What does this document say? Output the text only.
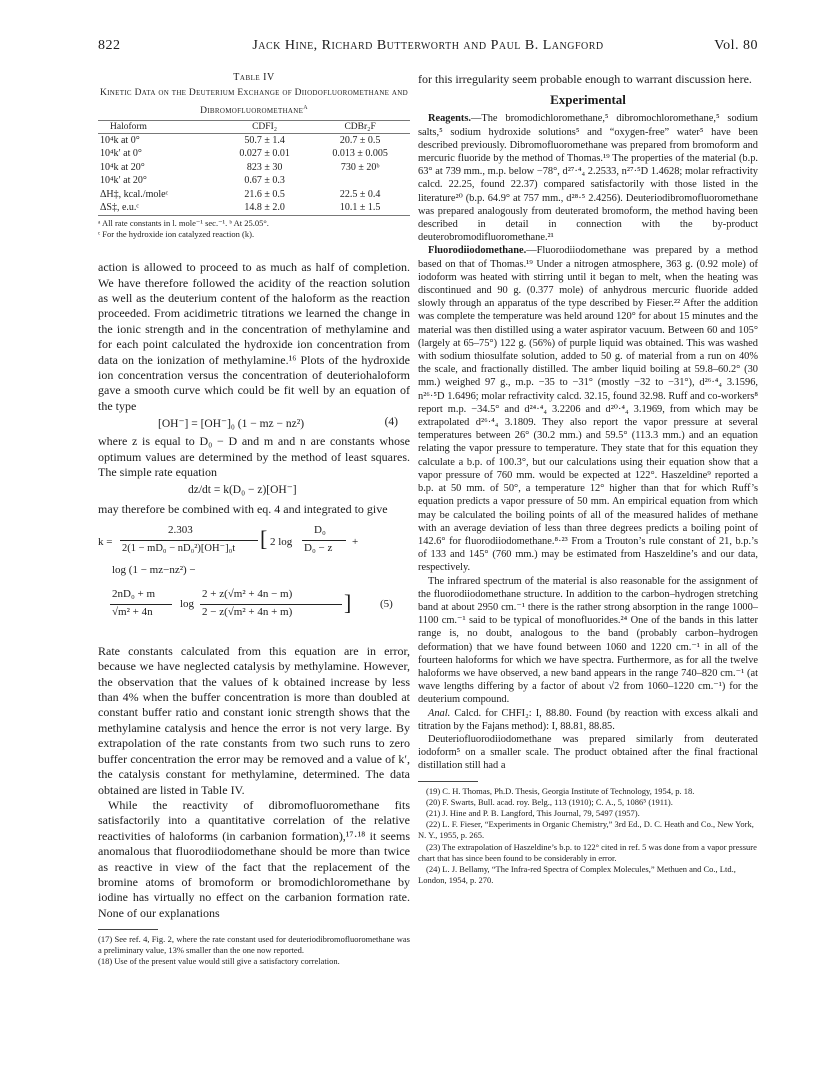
822	Jack Hine, Richard Butterworth and Paul B. Langford	Vol. 80
Table IV
Kinetic Data on the Deuterium Exchange of Diiodofluoromethane and Dibromofluoromethane$^a$
Haloform	CDFI₂	CDBr₂F
10⁴k at 0°	50.7 ± 1.4	20.7 ± 0.5
10⁴k′ at 0°	0.027 ± 0.01	0.013 ± 0.005
10⁴k at 20°	823 ± 30	730 ± 20ᵇ
10⁴k′ at 20°	0.67 ± 0.3	
ΔH‡, kcal./moleᶜ	21.6 ± 0.5	22.5 ± 0.4
ΔS‡, e.u.ᶜ	14.8 ± 2.0	10.1 ± 1.5

ᵃ All rate constants in l. mole⁻¹ sec.⁻¹. ᵇ At 25.05°.

ᶜ For the hydroxide ion catalyzed reaction (k).

action is allowed to proceed to as much as half of completion. We have therefore followed the acidity of the reaction solution as well as the deuterium content of the haloform as the reaction proceeded. From acidimetric titrations we learned the change in the ionic strength and in the concentration of methylamine and for each point calculated the hydroxide ion concentration from data on the ionization of methylamine.¹⁶ Plots of the hydroxide ion concentration versus the concentration of deuteriohaloform gave a smooth curve which could be fit well by an equation of the type

[OH⁻] = [OH⁻]₀ (1 − mz − nz²)	(4)

where z is equal to D₀ − D and m and n are constants whose optimum values are determined by the method of least squares. The simple rate equation

dz/dt = k(D₀ − z)[OH⁻]

may therefore be combined with eq. 4 and integrated to give

k =
2.303
2(1 − mD₀ − nD₀²)[OH⁻]₀t [ 2 log
D₀
D₀ − z +
log (1 − mz−nz²) −
2nD₀ + m
√m² + 4n
log
2 + z(√m² + 4n − m)
2 − z(√m² + 4n + m) ]	(5)

Rate constants calculated from this equation are in error, because we have neglected catalysis by methylamine. However, the observation that the values of k obtained increase by less than 4% when the buffer concentration is more than doubled at constant buffer ratio and constant ionic strength shows that the methylamine catalysis and hence the error is not very large. By extrapolation of the rate constants from two such runs to zero buffer concentration the error may be removed and a value of k′, the catalysis constant for methylamine, determined. The data obtained are listed in Table IV.

While the reactivity of dibromofluoromethane fits satisfactorily into a quantitative correlation of the relative reactivities of haloforms (in carbanion formation),¹⁷·¹⁸ it seems anomalous that fluorodiiodomethane should be more than twice as reactive in view of the fact that the replacement of the bromine atoms of bromoform or bromodichloromethane by iodine has virtually no effect on the carbanion formation rate. None of our explanations

(17) See ref. 4, Fig. 2, where the rate constant used for deuteriodibromofluoromethane was a preliminary value, 13% smaller than the one now reported.

(18) Use of the present value would still give a satisfactory correlation.

for this irregularity seem probable enough to warrant discussion here.

Experimental

Reagents.—The bromodichloromethane,⁵ dibromochloromethane,⁵ sodium salts,⁵ sodium hydroxide solutions⁵ and “oxygen-free” water⁵ have been described previously. Dibromofluoromethane was prepared from bromoform and mercuric fluoride by the method of Thomas.¹⁹ The properties of the material (b.p. 63° at 739 mm., m.p. below −78°, d²⁷·⁴₄ 2.2533, n²⁷·⁵D 1.4628; molar refractivity calcd. 22.25, found 22.37) compared satisfactorily with those listed in the literature²⁰ (b.p. 64.9° at 757 mm., d²⁸·⁵ 2.4256). Deuteriodibromofluoromethane was prepared analogously from deuterated bromoform, the method having been described in detail in connection with the by-product deuterobromodifluoromethane.²¹

Fluorodiiodomethane.—Fluorodiiodomethane was prepared by a method based on that of Thomas.¹⁹ Under a nitrogen atmosphere, 363 g. (0.92 mole) of iodoform was heated with stirring until it began to melt, when the heating was discontinued and 90 g. (0.377 mole) of anhydrous mercuric fluoride added slowly through an apparatus of the type described by Fieser.²² After the addition was complete the temperature was held around 120° for about 15 minutes and the material was then distilled using a water aspirator vacuum. Between 60 and 105° (largely at 65–75°) 122 g. (56%) of purple liquid was obtained. This was washed with sodium thiosulfate solution, added to 50 g. of material from a run on 40% the scale, and fractionally distilled. The amber liquid boiling at 59.8–60.2° (30 mm.) weighed 97 g., m.p. −35 to −31° (mostly −32 to −31°), d²⁶·⁴₄ 3.1596, n²⁶·⁵D 1.6496; molar refractivity calcd. 32.15, found 32.98. Ruff and co-workers⁸ report m.p. −34.5° and d²⁴·⁴₄ 3.2206 and d²⁰·⁴₄ 3.1969, from which may be extrapolated d²⁶·⁴₄ 3.1809. They also report the vapor pressure at several temperatures between 26° (30.2 mm.) and 59.5° (113.3 mm.) and an equation relating the vapor pressure to temperature. They state that for this equation they calculate a b.p. of 100.3°, but our calculations using their equation show that a vapor pressure of 760 mm. would be expected at 122°. Haszeldine⁹ reported a b.p. at 50 mm. of 50°, a temperature 12° higher than that for which Ruff’s equation predicts a vapor pressure of 50 mm. An empirical equation from which may be calculated the boiling points of all of the measured halides of methane with an average deviation of less than three degrees predicts a boiling point of 142.6° for fluorodiiodomethane.⁸·²³ From a Trouton’s rule constant of 21, b.p.’s of 133 and 145° (760 mm.) may be estimated from Haszeldine’s and our data, respectively.

The infrared spectrum of the material is also reasonable for the assignment of the fluorodiiodomethane structure. In addition to the carbon–hydrogen stretching band at about 2950 cm.⁻¹ there is the rather strong absorption in the range 1000–1100 cm.⁻¹ said to be typical of monofluorides.²⁴ One of the bands in this latter range is, no doubt, analogous to the band (probably carbon–hydrogen deformation) that we have found between 1060 and 1220 cm.⁻¹ in all of the fourteen haloforms for which we have spectra. Furthermore, as for all the twelve haloforms we have observed, a new band appears in the range 740–820 cm.⁻¹ (at wave lengths differing by a factor of about √2 from 1060–1220 cm.⁻¹) for the deuterium compound.

Anal. Calcd. for CHFI₂: I, 88.80. Found (by reaction with excess alkali and titration by the Fajans method): I, 88.81, 88.85.

Deuteriofluorodiiodomethane was prepared similarly from deuterated iodoform⁵ on a smaller scale. The product obtained after the final fractional distillation still had a

(19) C. H. Thomas, Ph.D. Thesis, Georgia Institute of Technology, 1954, p. 18.
(20) F. Swarts, Bull. acad. roy. Belg., 113 (1910); C. A., 5, 1086⁵ (1911).
(21) J. Hine and P. B. Langford, This Journal, 79, 5497 (1957).
(22) L. F. Fieser, “Experiments in Organic Chemistry,” 3rd Ed., D. C. Heath and Co., New York, N. Y., 1955, p. 265.
(23) The extrapolation of Haszeldine’s b.p. to 122° cited in ref. 5 was done from a vapor pressure chart that has since been found to be considerably in error.
(24) L. J. Bellamy, “The Infra-red Spectra of Complex Molecules,” Methuen and Co., Ltd., London, 1954, p. 270.
